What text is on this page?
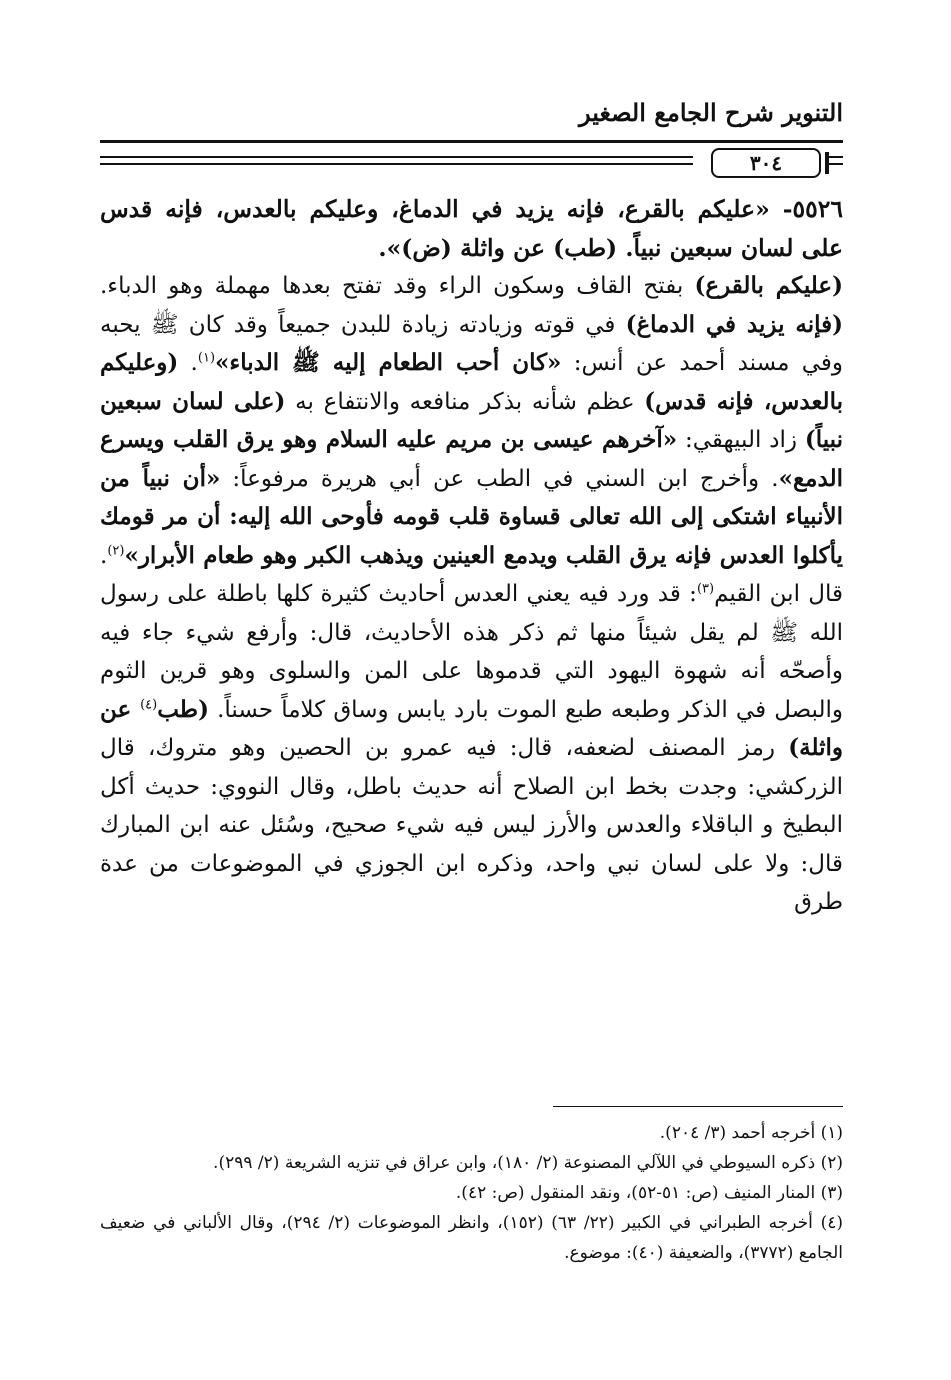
التنوير شرح الجامع الصغير
٣٠٤

٥٥٢٦- «عليكم بالقرع، فإنه يزيد في الدماغ، وعليكم بالعدس، فإنه قدس على لسان سبعين نبياً. (طب) عن واثلة (ض)».

(عليكم بالقرع) بفتح القاف وسكون الراء وقد تفتح بعدها مهملة وهو الدباء. (فإنه يزيد في الدماغ) في قوته وزيادته زيادة للبدن جميعاً وقد كان ﷺ يحبه وفي مسند أحمد عن أنس: «كان أحب الطعام إليه ﷺ الدباء»$^{(١)}$. (وعليكم بالعدس، فإنه قدس) عظم شأنه بذكر منافعه والانتفاع به (على لسان سبعين نبياً) زاد البيهقي: «آخرهم عيسى بن مريم عليه السلام وهو يرق القلب ويسرع الدمع». وأخرج ابن السني في الطب عن أبي هريرة مرفوعاً: «أن نبياً من الأنبياء اشتكى إلى الله تعالى قساوة قلب قومه فأوحى الله إليه: أن مر قومك يأكلوا العدس فإنه يرق القلب ويدمع العينين ويذهب الكبر وهو طعام الأبرار»$^{(٢)}$. قال ابن القيم$^{(٣)}$: قد ورد فيه يعني العدس أحاديث كثيرة كلها باطلة على رسول الله ﷺ لم يقل شيئاً منها ثم ذكر هذه الأحاديث، قال: وأرفع شيء جاء فيه وأصحّه أنه شهوة اليهود التي قدموها على المن والسلوى وهو قرين الثوم والبصل في الذكر وطبعه طبع الموت بارد يابس وساق كلاماً حسناً. (طب$^{(٤)}$ عن واثلة) رمز المصنف لضعفه، قال: فيه عمرو بن الحصين وهو متروك، قال الزركشي: وجدت بخط ابن الصلاح أنه حديث باطل، وقال النووي: حديث أكل البطيخ و الباقلاء والعدس والأرز ليس فيه شيء صحيح، وسُئل عنه ابن المبارك قال: ولا على لسان نبي واحد، وذكره ابن الجوزي في الموضوعات من عدة طرق

(١) أخرجه أحمد (٣/ ٢٠٤).

(٢) ذكره السيوطي في اللآلي المصنوعة (٢/ ١٨٠)، وابن عراق في تنزيه الشريعة (٢/ ٢٩٩).

(٣) المنار المنيف (ص: ٥١-٥٢)، ونقد المنقول (ص: ٤٢).

(٤) أخرجه الطبراني في الكبير (٢٢/ ٦٣) (١٥٢)، وانظر الموضوعات (٢/ ٢٩٤)، وقال الألباني في ضعيف الجامع (٣٧٧٢)، والضعيفة (٤٠): موضوع.
